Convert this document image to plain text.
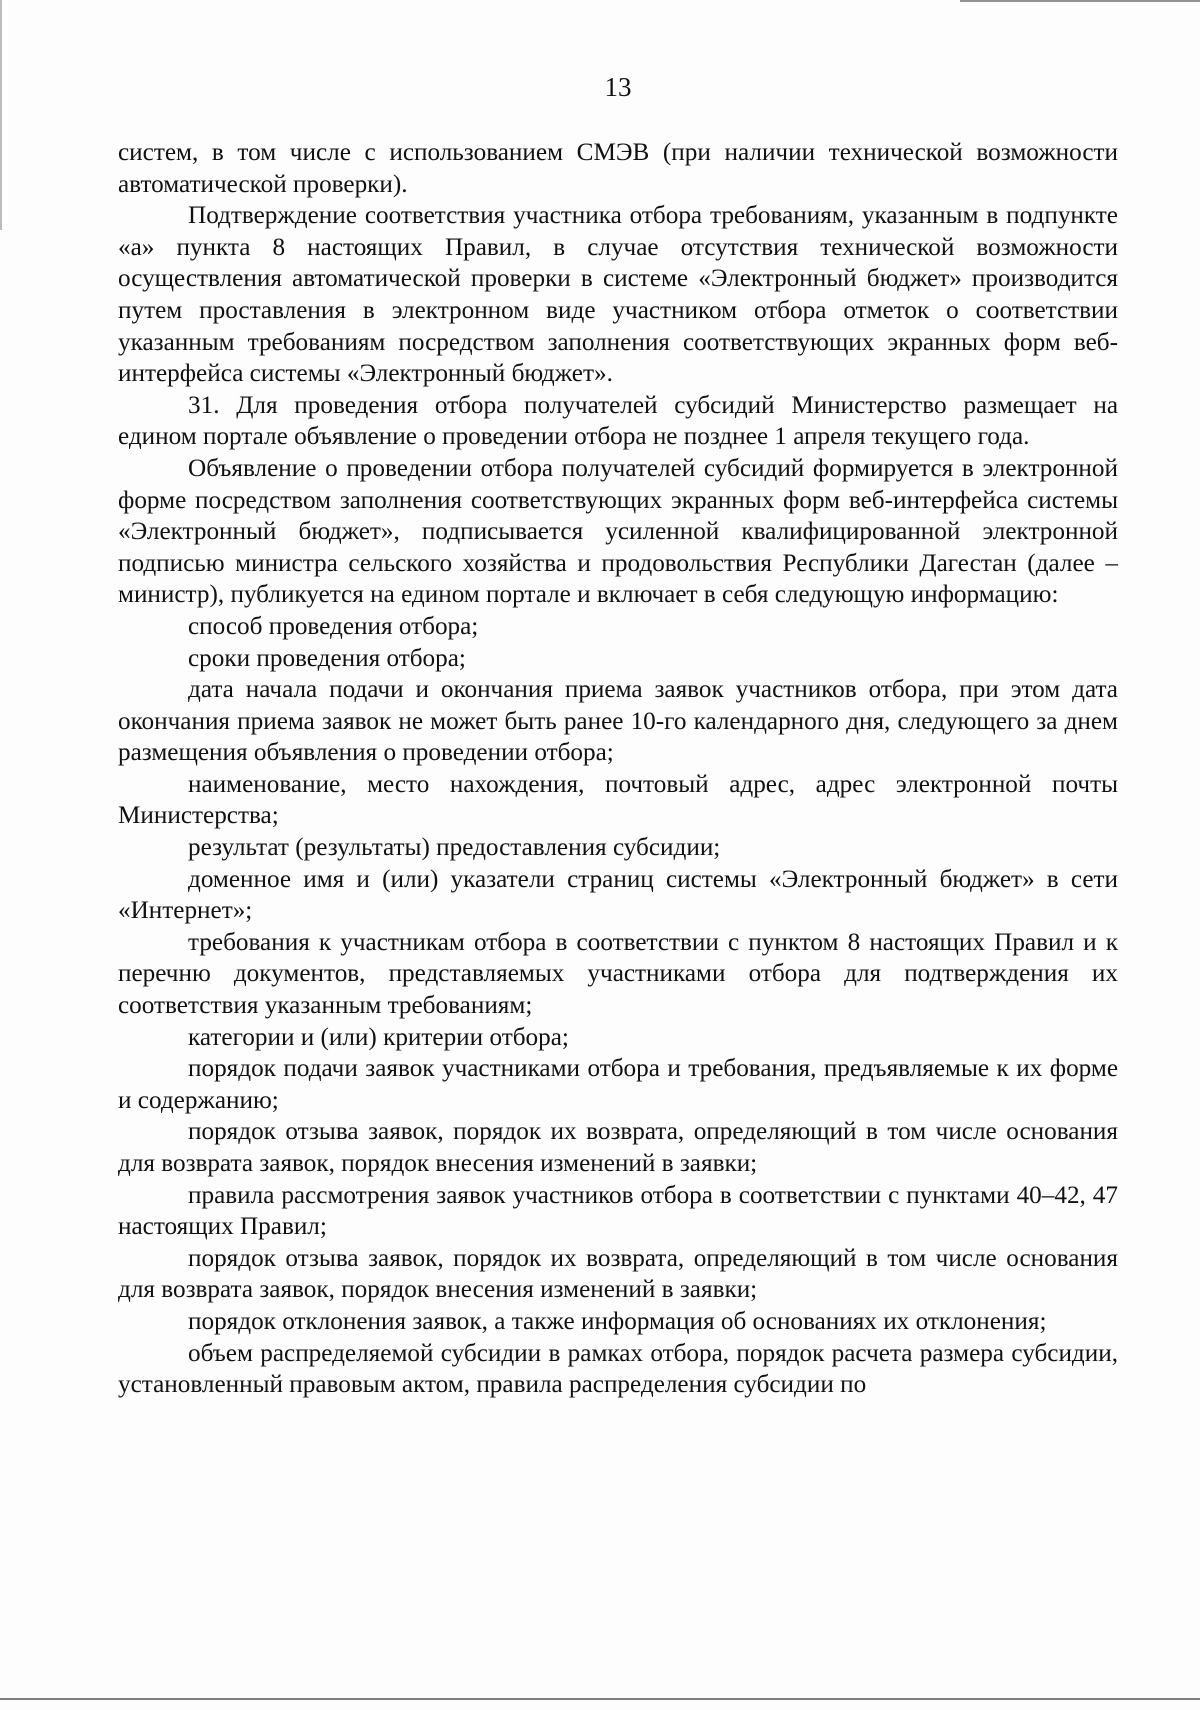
13

систем, в том числе с использованием СМЭВ (при наличии технической возможности автоматической проверки).

Подтверждение соответствия участника отбора требованиям, указанным в подпункте «а» пункта 8 настоящих Правил, в случае отсутствия технической возможности осуществления автоматической проверки в системе «Электронный бюджет» производится путем проставления в электронном виде участником отбора отметок о соответствии указанным требованиям посредством заполнения соответствующих экранных форм веб-интерфейса системы «Электронный бюджет».

31. Для проведения отбора получателей субсидий Министерство размещает на едином портале объявление о проведении отбора не позднее 1 апреля текущего года.

Объявление о проведении отбора получателей субсидий формируется в электронной форме посредством заполнения соответствующих экранных форм веб-интерфейса системы «Электронный бюджет», подписывается усиленной квалифицированной электронной подписью министра сельского хозяйства и продовольствия Республики Дагестан (далее – министр), публикуется на едином портале и включает в себя следующую информацию:

способ проведения отбора;

сроки проведения отбора;

дата начала подачи и окончания приема заявок участников отбора, при этом дата окончания приема заявок не может быть ранее 10-го календарного дня, следующего за днем размещения объявления о проведении отбора;

наименование, место нахождения, почтовый адрес, адрес электронной почты Министерства;

результат (результаты) предоставления субсидии;

доменное имя и (или) указатели страниц системы «Электронный бюджет» в сети «Интернет»;

требования к участникам отбора в соответствии с пунктом 8 настоящих Правил и к перечню документов, представляемых участниками отбора для подтверждения их соответствия указанным требованиям;

категории и (или) критерии отбора;

порядок подачи заявок участниками отбора и требования, предъявляемые к их форме и содержанию;

порядок отзыва заявок, порядок их возврата, определяющий в том числе основания для возврата заявок, порядок внесения изменений в заявки;

правила рассмотрения заявок участников отбора в соответствии с пунктами 40–42, 47 настоящих Правил;

порядок отзыва заявок, порядок их возврата, определяющий в том числе основания для возврата заявок, порядок внесения изменений в заявки;

порядок отклонения заявок, а также информация об основаниях их отклонения;

объем распределяемой субсидии в рамках отбора, порядок расчета размера субсидии, установленный правовым актом, правила распределения субсидии по
